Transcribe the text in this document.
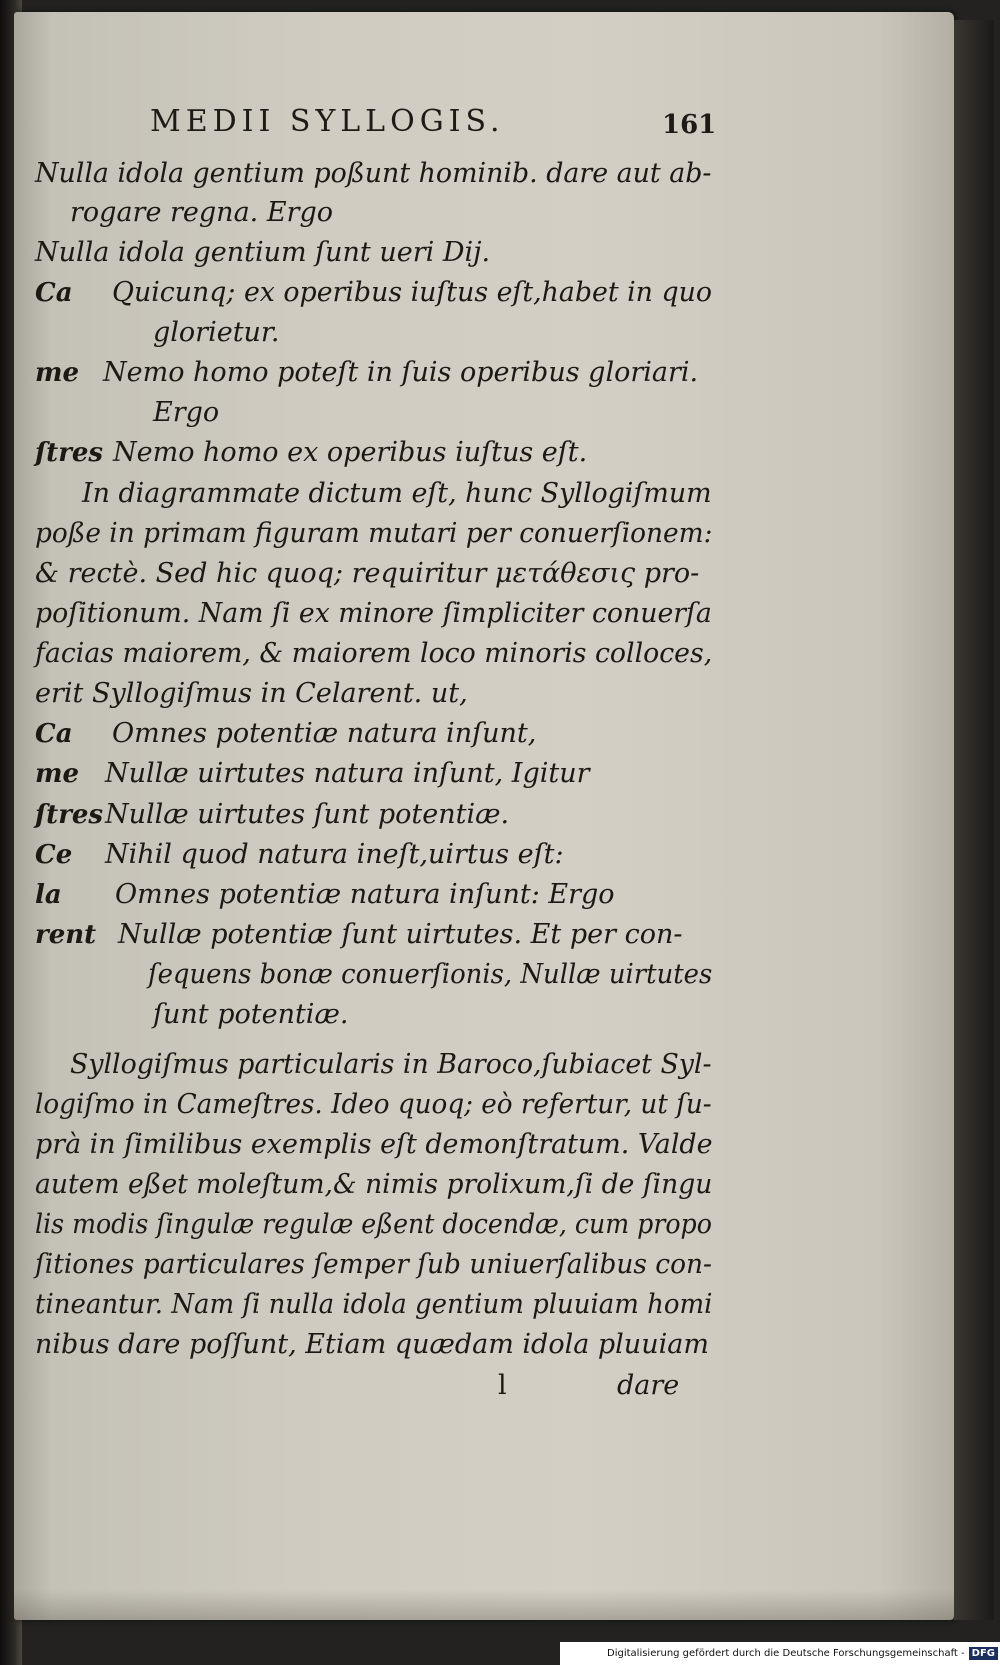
MEDII SYLLOGIS.	161
Nulla idola gentium poßunt hominib. dare aut ab-
rogare regna. Ergo
Nulla idola gentium ſunt ueri Dij.
Ca	Quicunq; ex operibus iuſtus eſt,habet in quo
glorietur.
me Nemo homo poteſt in ſuis operibus gloriari.
Ergo
ſtres Nemo homo ex operibus iuſtus eſt.
In diagrammate dictum eſt, hunc Syllogiſmum
poße in primam figuram mutari per conuerſionem:
& rectè. Sed hic quoq; requiritur μετάθεσις pro-
poſitionum. Nam ſi ex minore ſimpliciter conuerſa
facias maiorem, & maiorem loco minoris colloces,
erit Syllogiſmus in Celarent. ut,
Ca	Omnes potentiæ natura inſunt,
me Nullæ uirtutes natura inſunt, Igitur
ſtres Nullæ uirtutes ſunt potentiæ.
Ce	Nihil quod natura ineſt,uirtus eſt:
la	Omnes potentiæ natura inſunt: Ergo
rent Nullæ potentiæ ſunt uirtutes. Et per con-
ſequens bonæ conuerſionis, Nullæ uirtutes
ſunt potentiæ.
Syllogiſmus particularis in Baroco,ſubiacet Syl-
logiſmo in Cameſtres. Ideo quoq; eò refertur, ut ſu-
prà in ſimilibus exemplis eſt demonſtratum. Valde
autem eßet moleſtum,& nimis prolixum,ſi de ſingu
lis modis ſingulæ regulæ eßent docendæ, cum propo
ſitiones particulares ſemper ſub uniuerſalibus con-
tineantur. Nam ſi nulla idola gentium pluuiam homi
nibus dare poſſunt, Etiam quædam idola pluuiam
l	dare
Digitalisierung gefördert durch die Deutsche Forschungsgemeinschaft - DFG
